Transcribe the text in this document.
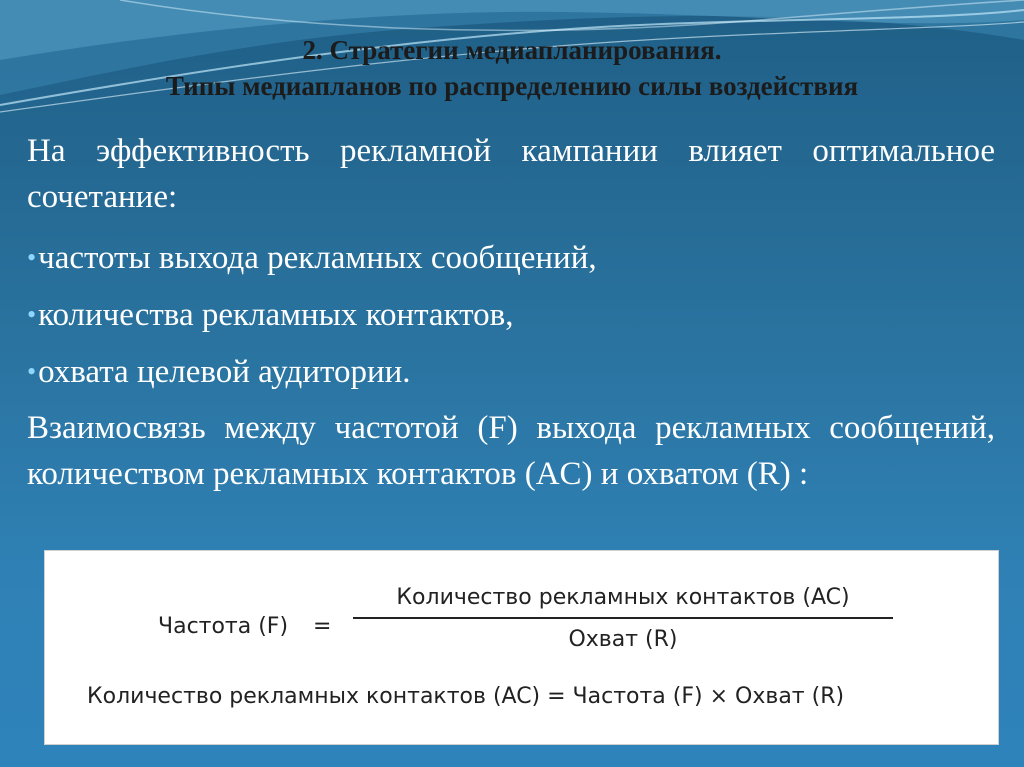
2. Стратегии медиапланирования.
Типы медиапланов по распределению силы воздействия
На эффективность рекламной кампании влияет оптимальное сочетание:
•частоты выхода рекламных сообщений,
•количества рекламных контактов,
•охвата целевой аудитории.
Взаимосвязь между частотой (F) выхода рекламных сообщений, количеством рекламных контактов (AC) и охватом (R) :
Частота (F) =
Количество рекламных контактов (AC)
Охват (R)
Количество рекламных контактов (AC) = Частота (F) × Охват (R)
